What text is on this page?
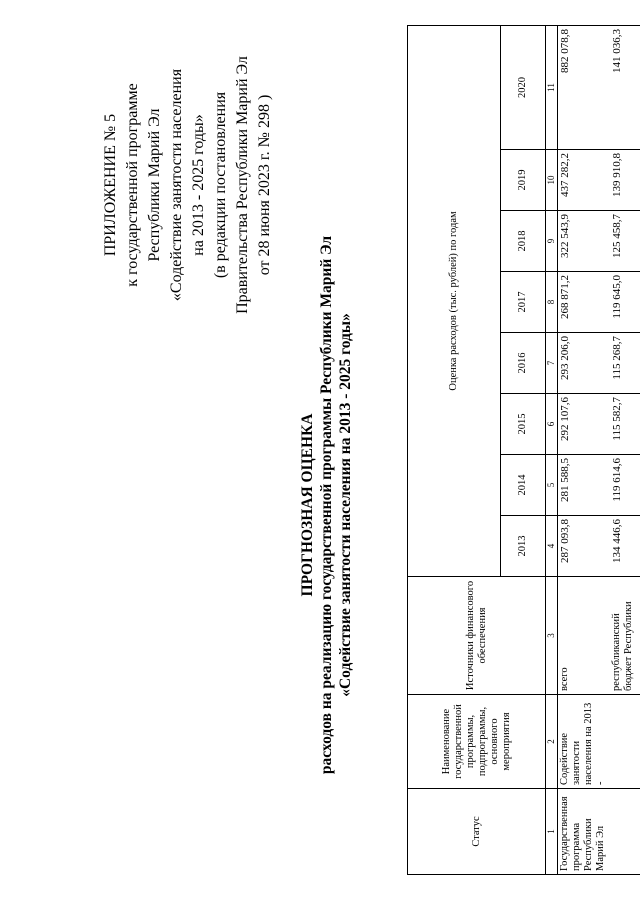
ПРИЛОЖЕНИЕ № 5 к государственной программе Республики Марий Эл «Содействие занятости населения на 2013 - 2025 годы» (в редакции постановления Правительства Республики Марий Эл от 28 июня 2023 г. № 298 )
ПРОГНОЗНАЯ ОЦЕНКА расходов на реализацию государственной программы Республики Марий Эл «Содействие занятости населения на 2013 - 2025 годы»
Статус	Наименование государственной программы, подпрограммы, основного мероприятия	Источники финансового обеспечения	Оценка расходов (тыс. рублей) по годам							
			2013	2014	2015	2016	2017	2018	2019	2020
1	2	3	4	5	6	7	8	9	10	11
Государственная программа Республики Марий Эл	Содействие занятости населения на 2013 -	всего	287 093,8	281 588,5	292 107,6	293 206,0	268 871,2	322 543,9	437 282,2	882 078,8
		республиканский бюджет Республики	134 446,6	119 614,6	115 582,7	115 268,7	119 645,0	125 458,7	139 910,8	141 036,3
